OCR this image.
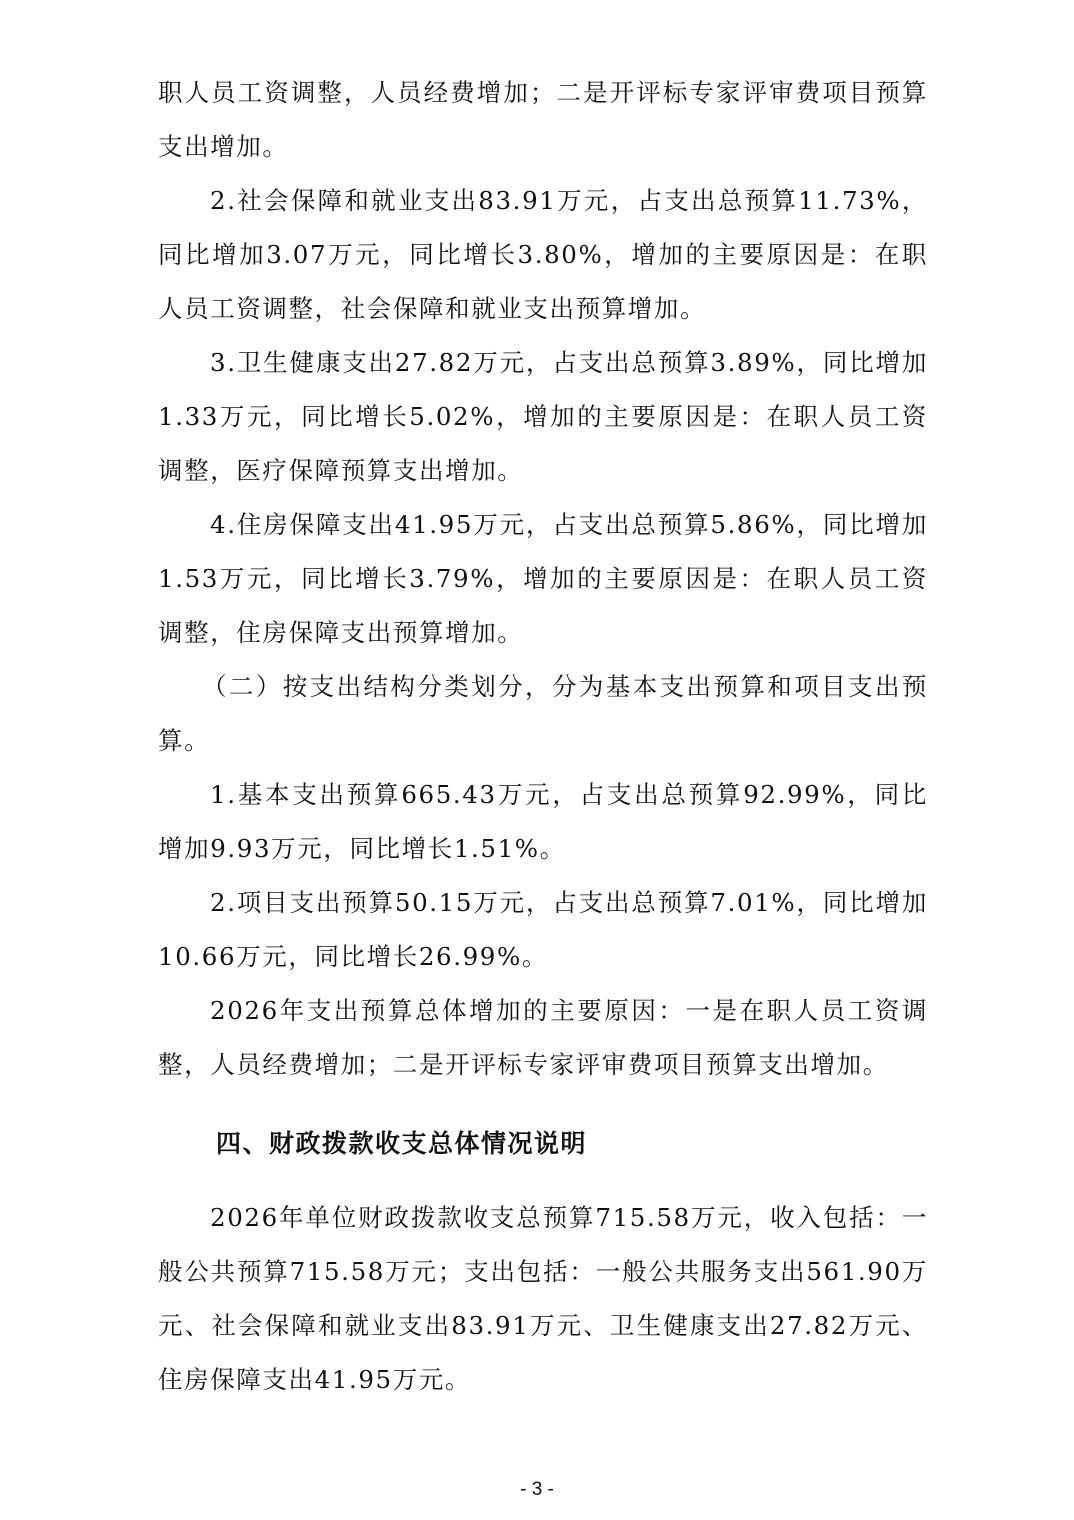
职人员工资调整，人员经费增加；二是开评标专家评审费项目预算支出增加。

2.社会保障和就业支出83.91万元，占支出总预算11.73%，同比增加3.07万元，同比增长3.80%，增加的主要原因是：在职人员工资调整，社会保障和就业支出预算增加。

3.卫生健康支出27.82万元，占支出总预算3.89%，同比增加1.33万元，同比增长5.02%，增加的主要原因是：在职人员工资调整，医疗保障预算支出增加。

4.住房保障支出41.95万元，占支出总预算5.86%，同比增加1.53万元，同比增长3.79%，增加的主要原因是：在职人员工资调整，住房保障支出预算增加。

（二）按支出结构分类划分，分为基本支出预算和项目支出预算。

1.基本支出预算665.43万元，占支出总预算92.99%，同比增加9.93万元，同比增长1.51%。

2.项目支出预算50.15万元，占支出总预算7.01%，同比增加10.66万元，同比增长26.99%。

2026年支出预算总体增加的主要原因：一是在职人员工资调整，人员经费增加；二是开评标专家评审费项目预算支出增加。

四、财政拨款收支总体情况说明

2026年单位财政拨款收支总预算715.58万元，收入包括：一般公共预算715.58万元；支出包括：一般公共服务支出561.90万元、社会保障和就业支出83.91万元、卫生健康支出27.82万元、住房保障支出41.95万元。

- 3 -
